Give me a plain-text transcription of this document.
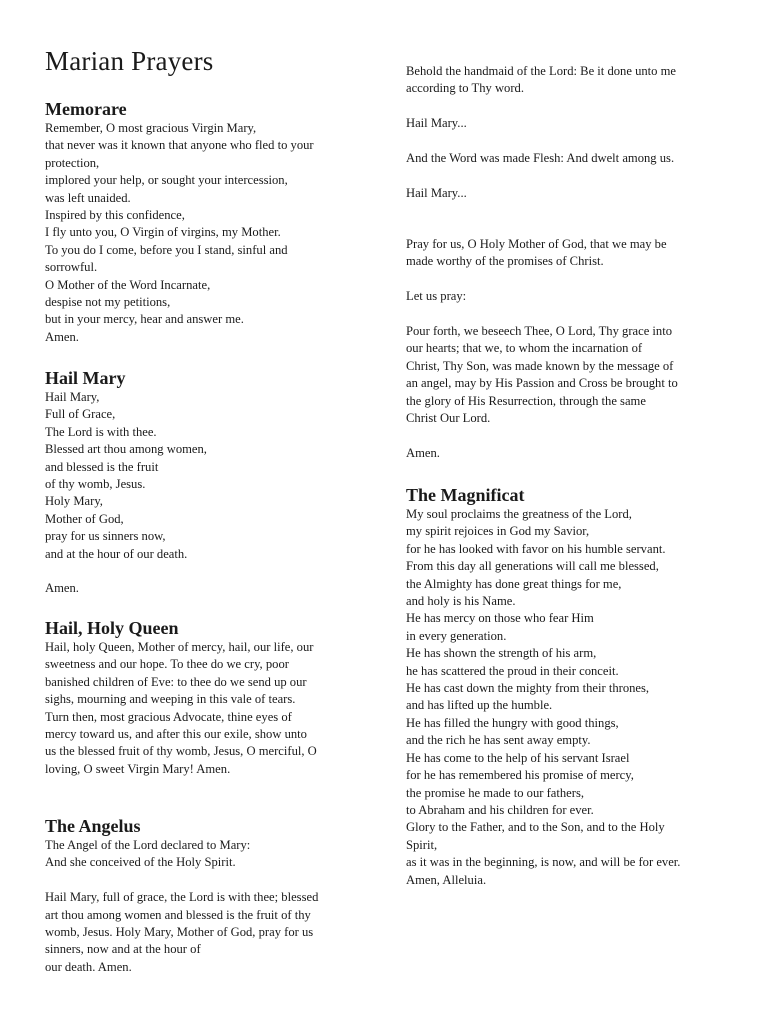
Marian Prayers
Memorare
Remember, O most gracious Virgin Mary,
that never was it known that anyone who fled to your
protection,
implored your help, or sought your intercession,
was left unaided.
Inspired by this confidence,
I fly unto you, O Virgin of virgins, my Mother.
To you do I come, before you I stand, sinful and
sorrowful.
O Mother of the Word Incarnate,
despise not my petitions,
but in your mercy, hear and answer me.
Amen.
Hail Mary
Hail Mary,
Full of Grace,
The Lord is with thee.
Blessed art thou among women,
and blessed is the fruit
of thy womb, Jesus.
Holy Mary,
Mother of God,
pray for us sinners now,
and at the hour of our death.

Amen.
Hail, Holy Queen
Hail, holy Queen, Mother of mercy, hail, our life, our
sweetness and our hope. To thee do we cry, poor
banished children of Eve: to thee do we send up our
sighs, mourning and weeping in this vale of tears.
Turn then, most gracious Advocate, thine eyes of
mercy toward us, and after this our exile, show unto
us the blessed fruit of thy womb, Jesus, O merciful, O
loving, O sweet Virgin Mary! Amen.
The Angelus
The Angel of the Lord declared to Mary:
And she conceived of the Holy Spirit.

Hail Mary, full of grace, the Lord is with thee; blessed
art thou among women and blessed is the fruit of thy
womb, Jesus. Holy Mary, Mother of God, pray for us
sinners, now and at the hour of
our death. Amen.
Behold the handmaid of the Lord: Be it done unto me
according to Thy word.

Hail Mary...

And the Word was made Flesh: And dwelt among us.

Hail Mary...
Pray for us, O Holy Mother of God, that we may be
made worthy of the promises of Christ.

Let us pray:

Pour forth, we beseech Thee, O Lord, Thy grace into
our hearts; that we, to whom the incarnation of
Christ, Thy Son, was made known by the message of
an angel, may by His Passion and Cross be brought to
the glory of His Resurrection, through the same
Christ Our Lord.

Amen.
The Magnificat
My soul proclaims the greatness of the Lord,
my spirit rejoices in God my Savior,
for he has looked with favor on his humble servant.
From this day all generations will call me blessed,
the Almighty has done great things for me,
and holy is his Name.
He has mercy on those who fear Him
in every generation.
He has shown the strength of his arm,
he has scattered the proud in their conceit.
He has cast down the mighty from their thrones,
and has lifted up the humble.
He has filled the hungry with good things,
and the rich he has sent away empty.
He has come to the help of his servant Israel
for he has remembered his promise of mercy,
the promise he made to our fathers,
to Abraham and his children for ever.
Glory to the Father, and to the Son, and to the Holy
Spirit,
as it was in the beginning, is now, and will be for ever.
Amen, Alleluia.
